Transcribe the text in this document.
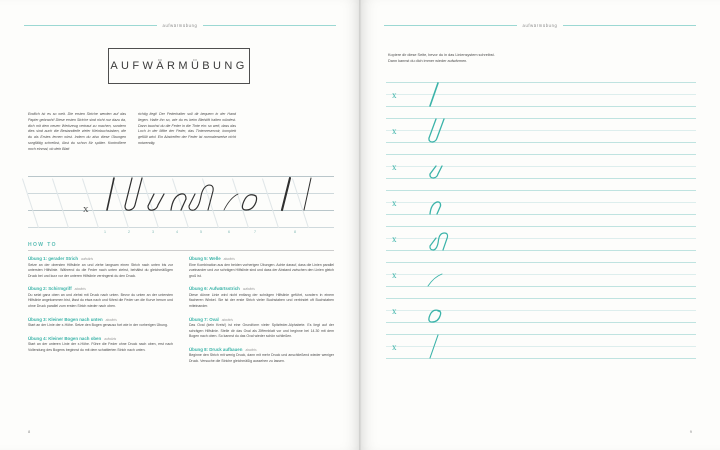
aufwärmübung
AUFWÄRMÜBUNG
Endlich ist es so weit. Die ersten Striche werden auf das Papier gebracht! Diese ersten Striche sind nicht nur dazu da, dich mit dem neuen Werkzeug vertraut zu machen, sondern dies sind auch die Bestandteile vieler Kleinbuchstaben, die du als Erstes lernen wirst. Indem du also diese Übungen sorgfältig schreibst, übst du schon für später. Kontrolliere noch einmal, ob dein Blatt
richtig liegt! Der Federhalter soll dir bequem in der Hand liegen. Halte ihn so, wie du es beim Bleistift halten würdest. Dann tauchst du die Feder in die Tinte ein: so weit, dass das Loch in der Mitte der Feder, das Tintenreservoir, komplett gefüllt wird. Ein Abstreifen der Feder ist normalerweise nicht notwendig.
x
1	2	3	4	5	6	7	8
HOW TO
Übung 1: gerader Strich aufwärts

Setze an der obersten Hilfslinie an und ziehe langsam einen Strich nach unten bis zur untersten Hilfslinie. Während du die Feder nach unten ziehst, behältst du gleichmäßigen Druck bei und kurz vor der unteren Hilfslinie verringerst du den Druck.

Übung 2: Schirmgriff abwärts

Du setzt ganz oben an und ziehst mit Druck nach unten. Bevor du unten an der untersten Hilfslinie angekommen bist, lässt du etwa nach und führst die Feder um die Kurve herum und ohne Druck parallel zum ersten Strich wieder nach oben.

Übung 3: Kleiner Bogen nach unten abwärts

Start an der Linie der x-Höhe. Setze den Bogen genauso fort wie in der vorherigen Übung.

Übung 4: Kleiner Bogen nach oben aufwärts

Start an der unteren Linie der x-Höhe. Führe die Feder ohne Druck nach oben, erst nach Vollendung des Bogens beginnst du mit dem schattierten Strich nach unten.

Übung 5: Welle abwärts

Eine Kombination aus den beiden vorherigen Übungen. Achte darauf, dass die Linien parallel zueinander und zur schrägen Hilfslinie sind und dass der Abstand zwischen den Linien gleich groß ist.

Übung 6: Aufwärtsstrich aufwärts

Diese dünne Linie wird nicht entlang der schrägen Hilfslinie geführt, sondern in einem flacheren Winkel. Sie ist der erste Strich vieler Buchstaben und verbindet oft Buchstaben miteinander.

Übung 7: Oval abwärts

Das Oval (kein Kreis!) ist eine Grundform vieler Spitzfeder-Alphabete. Es liegt auf der schrägen Hilfslinie. Stelle dir das Oval als Ziffernblatt vor und beginne bei 14.30 mit dem Bogen nach oben. So kannst du das Oval wieder schön schließen.

Übung 8: Druck aufbauen abwärts

Beginne den Strich mit wenig Druck, dann mit mehr Druck und anschließend wieder weniger Druck. Versuche die Striche gleichmäßig aussehen zu lassen.

8
aufwärmübung
Kopiere dir diese Seite, bevor du in das Liniensystem schreibst.
Dann kannst du dich immer wieder aufwärmen.
x
x
x
x
x
x
x
x
9
